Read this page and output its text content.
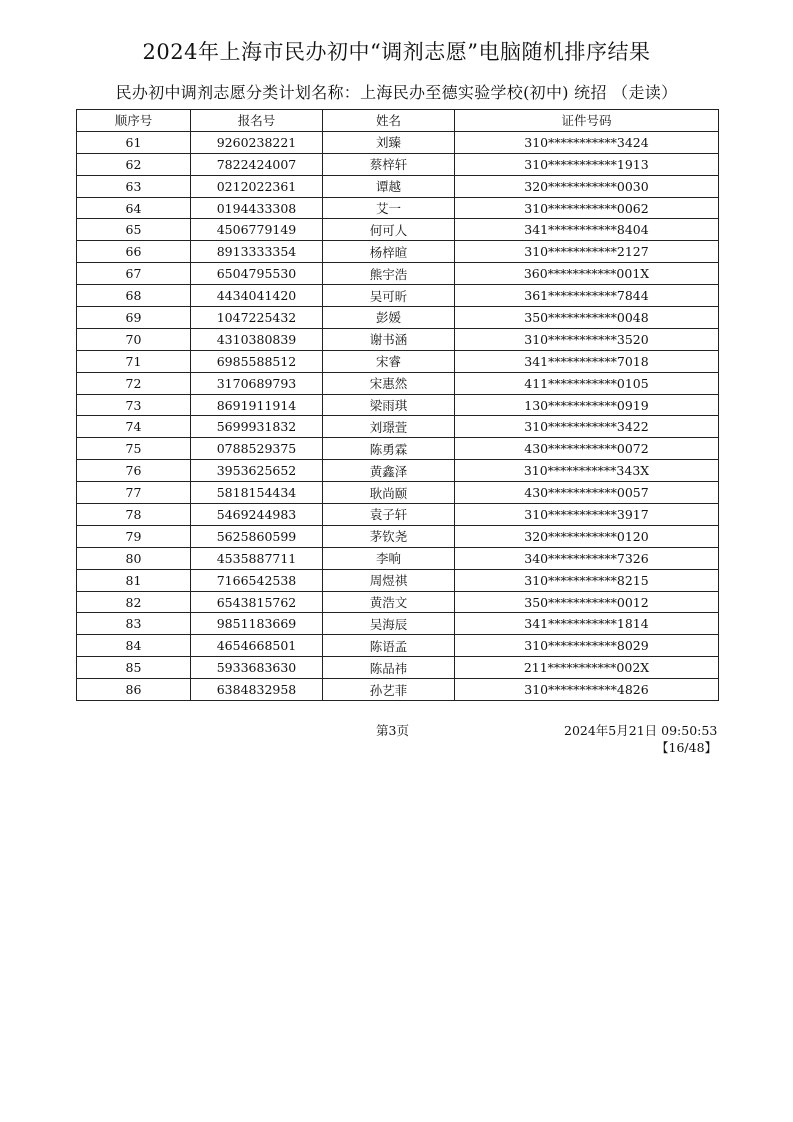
2024年上海市民办初中“调剂志愿”电脑随机排序结果
民办初中调剂志愿分类计划名称：上海民办至德实验学校(初中) 统招 （走读）
顺序号	报名号	姓名	证件号码
61	9260238221	刘臻	310***********3424
62	7822424007	蔡梓轩	310***********1913
63	0212022361	谭越	320***********0030
64	0194433308	艾一	310***********0062
65	4506779149	何可人	341***********8404
66	8913333354	杨梓暄	310***********2127
67	6504795530	熊宇浩	360***********001X
68	4434041420	吴可昕	361***********7844
69	1047225432	彭媛	350***********0048
70	4310380839	谢书涵	310***********3520
71	6985588512	宋睿	341***********7018
72	3170689793	宋惠然	411***********0105
73	8691911914	梁雨琪	130***********0919
74	5699931832	刘璟萱	310***********3422
75	0788529375	陈勇霖	430***********0072
76	3953625652	黄鑫泽	310***********343X
77	5818154434	耿尚颐	430***********0057
78	5469244983	袁子轩	310***********3917
79	5625860599	茅钦尧	320***********0120
80	4535887711	李响	340***********7326
81	7166542538	周煜祺	310***********8215
82	6543815762	黄浩文	350***********0012
83	9851183669	吴海辰	341***********1814
84	4654668501	陈语孟	310***********8029
85	5933683630	陈品祎	211***********002X
86	6384832958	孙艺菲	310***********4826
第3页	2024年5月21日 09:50:53
【16/48】
